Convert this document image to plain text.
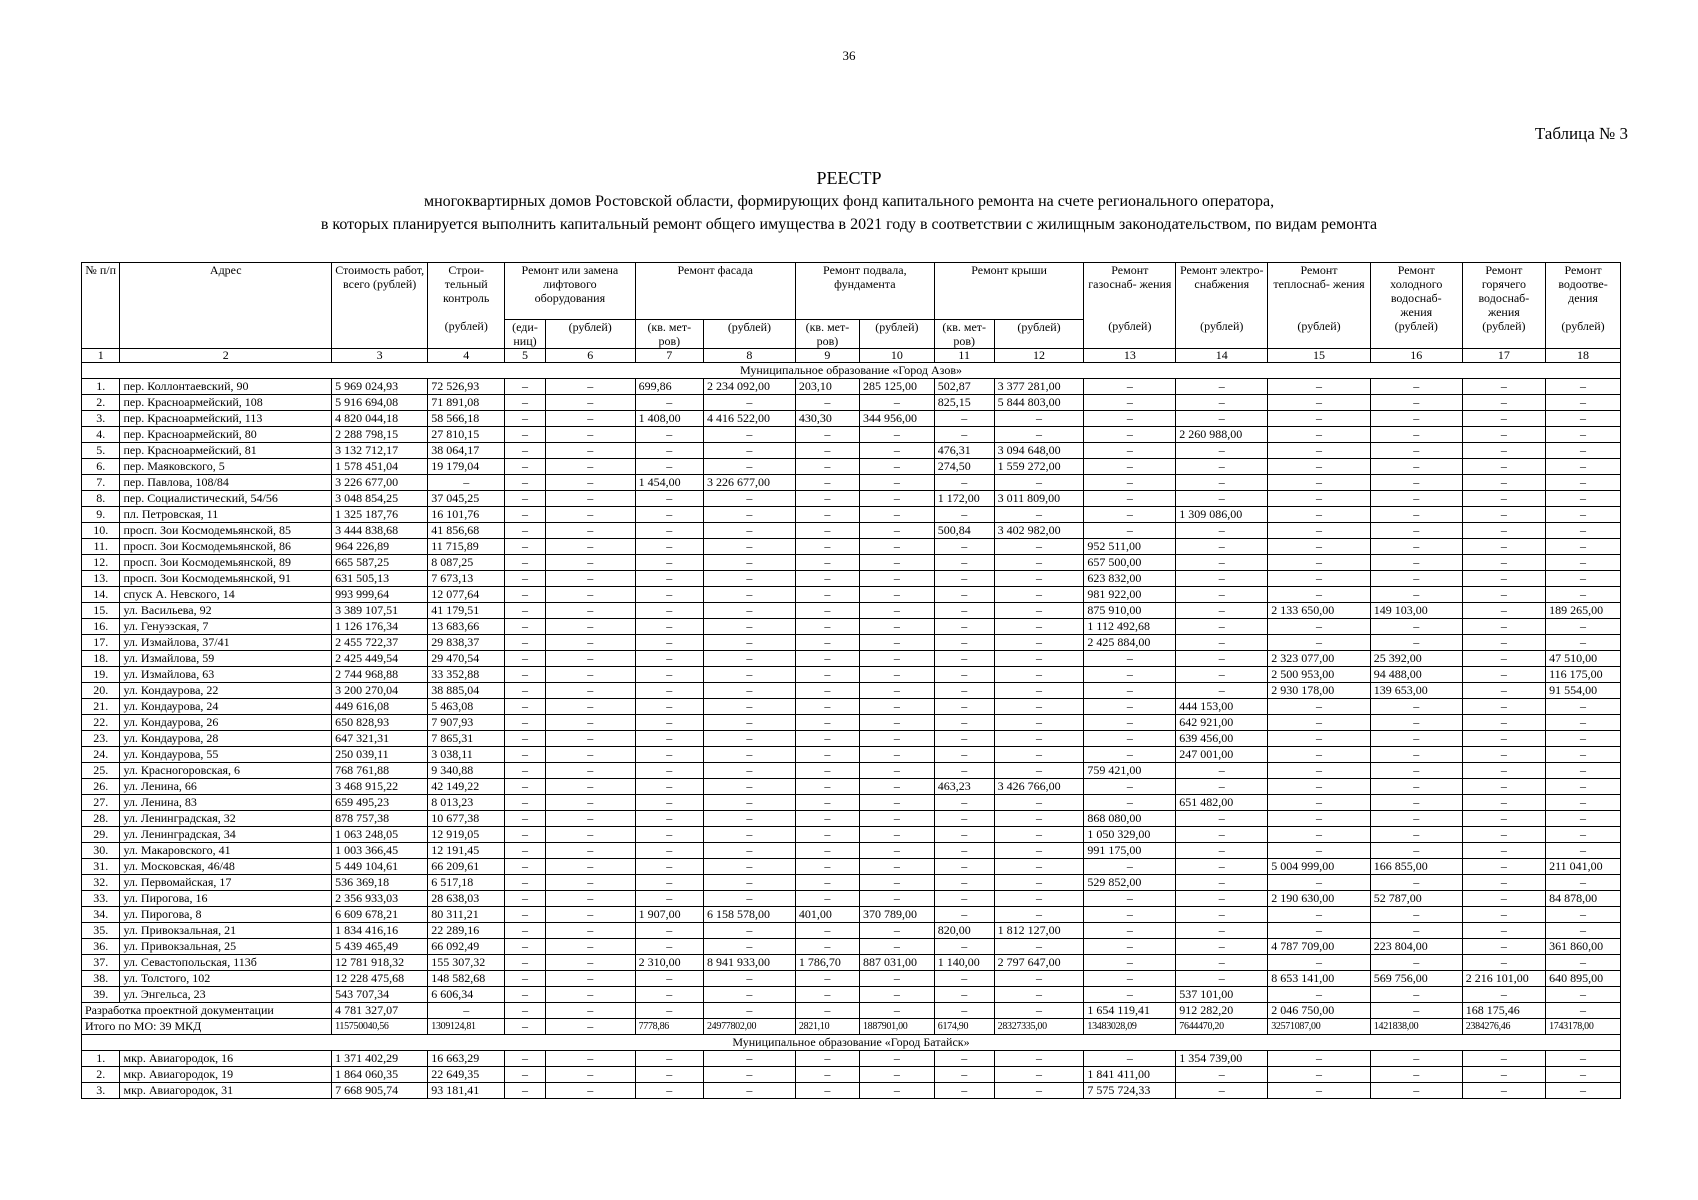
36
Таблица № 3
РЕЕСТР
многоквартирных домов Ростовской области, формирующих фонд капитального ремонта на счете регионального оператора,
в которых планируется выполнить капитальный ремонт общего имущества в 2021 году в соответствии с жилищным законодательством, по видам ремонта
№ п/п	Адрес	Стоимость работ, всего (рублей)	Строи- тельный контроль	Ремонт или замена лифтового оборудования		Ремонт фасада		Ремонт подвала, фундамента		Ремонт крыши		Ремонт газоснаб- жения	Ремонт электро- снабжения	Ремонт теплоснаб- жения	Ремонт холодного водоснаб- жения	Ремонт горячего водоснаб- жения	Ремонт водоотве- дения
			(рублей)	(еди- ниц)	(рублей)	(кв. мет- ров)	(рублей)	(кв. мет- ров)	(рублей)	(кв. мет- ров)	(рублей)	(рублей)	(рублей)	(рублей)	(рублей)	(рублей)	(рублей)
1	2	3	4	5	6	7	8	9	10	11	12	13	14	15	16	17	18
Муниципальное образование «Город Азов»																	
1.	пер. Коллонтаевский, 90	5 969 024,93	72 526,93	–	–	699,86	2 234 092,00	203,10	285 125,00	502,87	3 377 281,00	–	–	–	–	–	–
2.	пер. Красноармейский, 108	5 916 694,08	71 891,08	–	–	–	–	–	–	825,15	5 844 803,00	–	–	–	–	–	–
3.	пер. Красноармейский, 113	4 820 044,18	58 566,18	–	–	1 408,00	4 416 522,00	430,30	344 956,00	–	–	–	–	–	–	–	–
4.	пер. Красноармейский, 80	2 288 798,15	27 810,15	–	–	–	–	–	–	–	–	–	2 260 988,00	–	–	–	–
5.	пер. Красноармейский, 81	3 132 712,17	38 064,17	–	–	–	–	–	–	476,31	3 094 648,00	–	–	–	–	–	–
6.	пер. Маяковского, 5	1 578 451,04	19 179,04	–	–	–	–	–	–	274,50	1 559 272,00	–	–	–	–	–	–
7.	пер. Павлова, 108/84	3 226 677,00	–	–	–	1 454,00	3 226 677,00	–	–	–	–	–	–	–	–	–	–
8.	пер. Социалистический, 54/56	3 048 854,25	37 045,25	–	–	–	–	–	–	1 172,00	3 011 809,00	–	–	–	–	–	–
9.	пл. Петровская, 11	1 325 187,76	16 101,76	–	–	–	–	–	–	–	–	–	1 309 086,00	–	–	–	–
10.	просп. Зои Космодемьянской, 85	3 444 838,68	41 856,68	–	–	–	–	–	–	500,84	3 402 982,00	–	–	–	–	–	–
11.	просп. Зои Космодемьянской, 86	964 226,89	11 715,89	–	–	–	–	–	–	–	–	952 511,00	–	–	–	–	–
12.	просп. Зои Космодемьянской, 89	665 587,25	8 087,25	–	–	–	–	–	–	–	–	657 500,00	–	–	–	–	–
13.	просп. Зои Космодемьянской, 91	631 505,13	7 673,13	–	–	–	–	–	–	–	–	623 832,00	–	–	–	–	–
14.	спуск А. Невского, 14	993 999,64	12 077,64	–	–	–	–	–	–	–	–	981 922,00	–	–	–	–	–
15.	ул. Васильева, 92	3 389 107,51	41 179,51	–	–	–	–	–	–	–	–	875 910,00	–	2 133 650,00	149 103,00	–	189 265,00
16.	ул. Генуэзская, 7	1 126 176,34	13 683,66	–	–	–	–	–	–	–	–	1 112 492,68	–	–	–	–	–
17.	ул. Измайлова, 37/41	2 455 722,37	29 838,37	–	–	–	–	–	–	–	–	2 425 884,00	–	–	–	–	–
18.	ул. Измайлова, 59	2 425 449,54	29 470,54	–	–	–	–	–	–	–	–	–	–	2 323 077,00	25 392,00	–	47 510,00
19.	ул. Измайлова, 63	2 744 968,88	33 352,88	–	–	–	–	–	–	–	–	–	–	2 500 953,00	94 488,00	–	116 175,00
20.	ул. Кондаурова, 22	3 200 270,04	38 885,04	–	–	–	–	–	–	–	–	–	–	2 930 178,00	139 653,00	–	91 554,00
21.	ул. Кондаурова, 24	449 616,08	5 463,08	–	–	–	–	–	–	–	–	–	444 153,00	–	–	–	–
22.	ул. Кондаурова, 26	650 828,93	7 907,93	–	–	–	–	–	–	–	–	–	642 921,00	–	–	–	–
23.	ул. Кондаурова, 28	647 321,31	7 865,31	–	–	–	–	–	–	–	–	–	639 456,00	–	–	–	–
24.	ул. Кондаурова, 55	250 039,11	3 038,11	–	–	–	–	–	–	–	–	–	247 001,00	–	–	–	–
25.	ул. Красногоровская, 6	768 761,88	9 340,88	–	–	–	–	–	–	–	–	759 421,00	–	–	–	–	–
26.	ул. Ленина, 66	3 468 915,22	42 149,22	–	–	–	–	–	–	463,23	3 426 766,00	–	–	–	–	–	–
27.	ул. Ленина, 83	659 495,23	8 013,23	–	–	–	–	–	–	–	–	–	651 482,00	–	–	–	–
28.	ул. Ленинградская, 32	878 757,38	10 677,38	–	–	–	–	–	–	–	–	868 080,00	–	–	–	–	–
29.	ул. Ленинградская, 34	1 063 248,05	12 919,05	–	–	–	–	–	–	–	–	1 050 329,00	–	–	–	–	–
30.	ул. Макаровского, 41	1 003 366,45	12 191,45	–	–	–	–	–	–	–	–	991 175,00	–	–	–	–	–
31.	ул. Московская, 46/48	5 449 104,61	66 209,61	–	–	–	–	–	–	–	–	–	–	5 004 999,00	166 855,00	–	211 041,00
32.	ул. Первомайская, 17	536 369,18	6 517,18	–	–	–	–	–	–	–	–	529 852,00	–	–	–	–	–
33.	ул. Пирогова, 16	2 356 933,03	28 638,03	–	–	–	–	–	–	–	–	–	–	2 190 630,00	52 787,00	–	84 878,00
34.	ул. Пирогова, 8	6 609 678,21	80 311,21	–	–	1 907,00	6 158 578,00	401,00	370 789,00	–	–	–	–	–	–	–	–
35.	ул. Привокзальная, 21	1 834 416,16	22 289,16	–	–	–	–	–	–	820,00	1 812 127,00	–	–	–	–	–	–
36.	ул. Привокзальная, 25	5 439 465,49	66 092,49	–	–	–	–	–	–	–	–	–	–	4 787 709,00	223 804,00	–	361 860,00
37.	ул. Севастопольская, 113б	12 781 918,32	155 307,32	–	–	2 310,00	8 941 933,00	1 786,70	887 031,00	1 140,00	2 797 647,00	–	–	–	–	–	–
38.	ул. Толстого, 102	12 228 475,68	148 582,68	–	–	–	–	–	–	–	–	–	–	8 653 141,00	569 756,00	2 216 101,00	640 895,00
39.	ул. Энгельса, 23	543 707,34	6 606,34	–	–	–	–	–	–	–	–	–	537 101,00	–	–	–	–
Разработка проектной документации		4 781 327,07	–	–	–	–	–	–	–	–	–	1 654 119,41	912 282,20	2 046 750,00	–	168 175,46	–
Итого по МО: 39 МКД		115750040,56	1309124,81	–	–	7778,86	24977802,00	2821,10	1887901,00	6174,90	28327335,00	13483028,09	7644470,20	32571087,00	1421838,00	2384276,46	1743178,00
Муниципальное образование «Город Батайск»																	
1.	мкр. Авиагородок, 16	1 371 402,29	16 663,29	–	–	–	–	–	–	–	–	–	1 354 739,00	–	–	–	–
2.	мкр. Авиагородок, 19	1 864 060,35	22 649,35	–	–	–	–	–	–	–	–	1 841 411,00	–	–	–	–	–
3.	мкр. Авиагородок, 31	7 668 905,74	93 181,41	–	–	–	–	–	–	–	–	7 575 724,33	–	–	–	–	–
